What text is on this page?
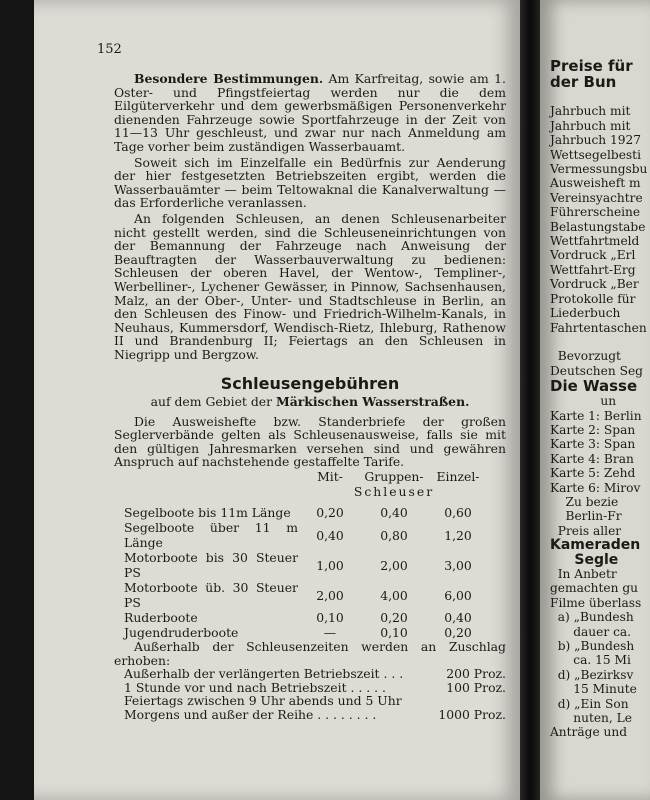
152

Besondere Bestimmungen. Am Karfreitag, sowie am 1. Oster- und Pfingstfeiertag werden nur die dem Eilgüterverkehr und dem gewerbsmäßigen Personenverkehr dienenden Fahrzeuge sowie Sportfahrzeuge in der Zeit von 11—13 Uhr geschleust, und zwar nur nach Anmeldung am Tage vorher beim zuständigen Wasserbauamt.

Soweit sich im Einzelfalle ein Bedürfnis zur Aenderung der hier festgesetzten Betriebszeiten ergibt, werden die Wasserbauämter — beim Teltowaknal die Kanalverwaltung — das Erforderliche veranlassen.

An folgenden Schleusen, an denen Schleusenarbeiter nicht gestellt werden, sind die Schleuseneinrichtungen von der Bemannung der Fahrzeuge nach Anweisung der Beauftragten der Wasserbauverwaltung zu bedienen: Schleusen der oberen Havel, der Wentow-, Templiner-, Werbelliner-, Lychener Gewässer, in Pinnow, Sachsenhausen, Malz, an der Ober-, Unter- und Stadtschleuse in Berlin, an den Schleusen des Finow- und Friedrich-Wilhelm-Kanals, in Neuhaus, Kummersdorf, Wendisch-Rietz, Ihleburg, Rathenow II und Brandenburg II; Feiertags an den Schleusen in Niegripp und Bergzow.

Schleusengebühren
auf dem Gebiet der Märkischen Wasserstraßen.

Die Ausweishefte bzw. Standerbriefe der großen Seglerverbände gelten als Schleusenausweise, falls sie mit den gültigen Jahresmarken versehen sind und gewähren Anspruch auf nachstehende gestaffelte Tarife.

	Mit-	Gruppen-	Einzel-
	Schleuser		

Segelboote bis 11m Länge	0,20	0,40	0,60
Segelboote über 11 m Länge	0,40	0,80	1,20
Motorboote bis 30 Steuer PS	1,00	2,00	3,00
Motorboote üb. 30 Steuer PS	2,00	4,00	6,00
Ruderboote	0,10	0,20	0,40
Jugendruderboote	—	0,10	0,20

Außerhalb der Schleusenzeiten werden an Zuschlag erhoben:

Außerhalb der verlängerten Betriebszeit . . .	200 Proz.
1 Stunde vor und nach Betriebszeit . . . . .	100 Proz.
Feiertags zwischen 9 Uhr abends und 5 Uhr
Morgens und außer der Reihe . . . . . . . .	1000 Proz.
Preise für
der Bun

Jahrbuch mit
Jahrbuch mit
Jahrbuch 1927
Wettsegelbesti
Vermessungsbu
Ausweisheft m
Vereinsyachtre
Führerscheine
Belastungstabe
Wettfahrtmeld
Vordruck „Erl
Wettfahrt-Erg
Vordruck „Ber
Protokolle für
Liederbuch
Fahrtentaschen

Bevorzugt
Deutschen Seg
Die Wasse
un
Karte 1: Berlin
Karte 2: Span
Karte 3: Span
Karte 4: Bran
Karte 5: Zehd
Karte 6: Mirov
Zu bezie
Berlin-Fr
Preis aller
Kameraden
Segle
In Anbetr
gemachten gu
Filme überlass
a) „Bundesh
dauer ca.
b) „Bundesh
ca. 15 Mi
d) „Bezirksv
15 Minute
d) „Ein Son
nuten, Le
Anträge und
